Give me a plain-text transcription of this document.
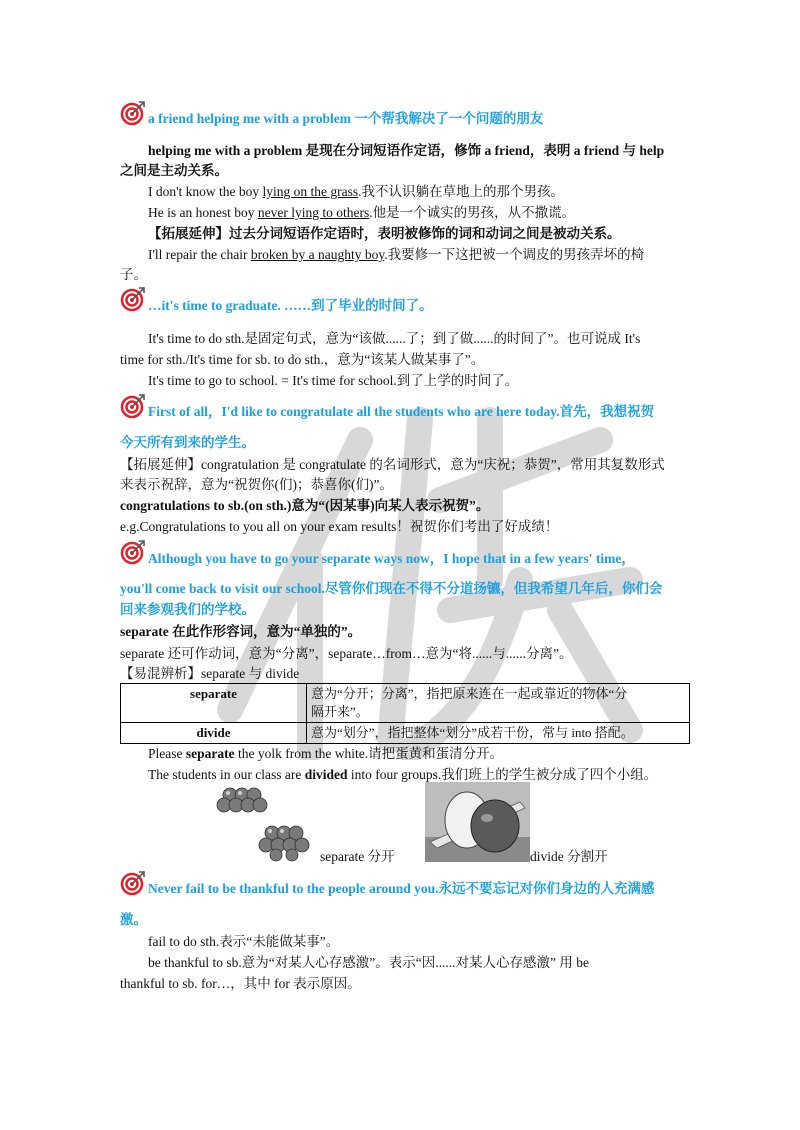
a friend helping me with a problem 一个帮我解决了一个问题的朋友
helping me with a problem 是现在分词短语作定语，修饰 a friend，表明 a friend 与 help
之间是主动关系。
I don't know the boy lying on the grass.我不认识躺在草地上的那个男孩。
He is an honest boy never lying to others.他是一个诚实的男孩，从不撒谎。
【拓展延伸】过去分词短语作定语时，表明被修饰的词和动词之间是被动关系。
I'll repair the chair broken by a naughty boy.我要修一下这把被一个调皮的男孩弄坏的椅
子。
…it's time to graduate. ……到了毕业的时间了。
It's time to do sth.是固定句式，意为“该做......了；到了做......的时间了”。也可说成 It's
time for sth./It's time for sb. to do sth.，意为“该某人做某事了”。
It's time to go to school. = It's time for school.到了上学的时间了。
First of all，I'd like to congratulate all the students who are here today.首先，我想祝贺
今天所有到来的学生。
【拓展延伸】congratulation 是 congratulate 的名词形式，意为“庆祝；恭贺”，常用其复数形式
来表示祝辞，意为“祝贺你(们)；恭喜你(们)”。
congratulations to sb.(on sth.)意为“(因某事)向某人表示祝贺”。
e.g.Congratulations to you all on your exam results！祝贺你们考出了好成绩！
Although you have to go your separate ways now，I hope that in a few years' time，
you'll come back to visit our school.尽管你们现在不得不分道扬镳，但我希望几年后，你们会
回来参观我们的学校。
separate 在此作形容词，意为“单独的”。
separate 还可作动词，意为“分离”，separate…from…意为“将......与......分离”。
【易混辨析】separate 与 divide
separate	意为“分开；分离”，指把原来连在一起或靠近的物体“分
隔开来”。

divide	意为“划分”，指把整体“划分”成若干份，常与 into 搭配。
Please separate the yolk from the white.请把蛋黄和蛋清分开。
The students in our class are divided into four groups.我们班上的学生被分成了四个小组。
separate 分开	divide 分割开
Never fail to be thankful to the people around you.永远不要忘记对你们身边的人充满感
激。
fail to do sth.表示“未能做某事”。
be thankful to sb.意为“对某人心存感激”。表示“因......对某人心存感激” 用 be
thankful to sb. for…，其中 for 表示原因。
